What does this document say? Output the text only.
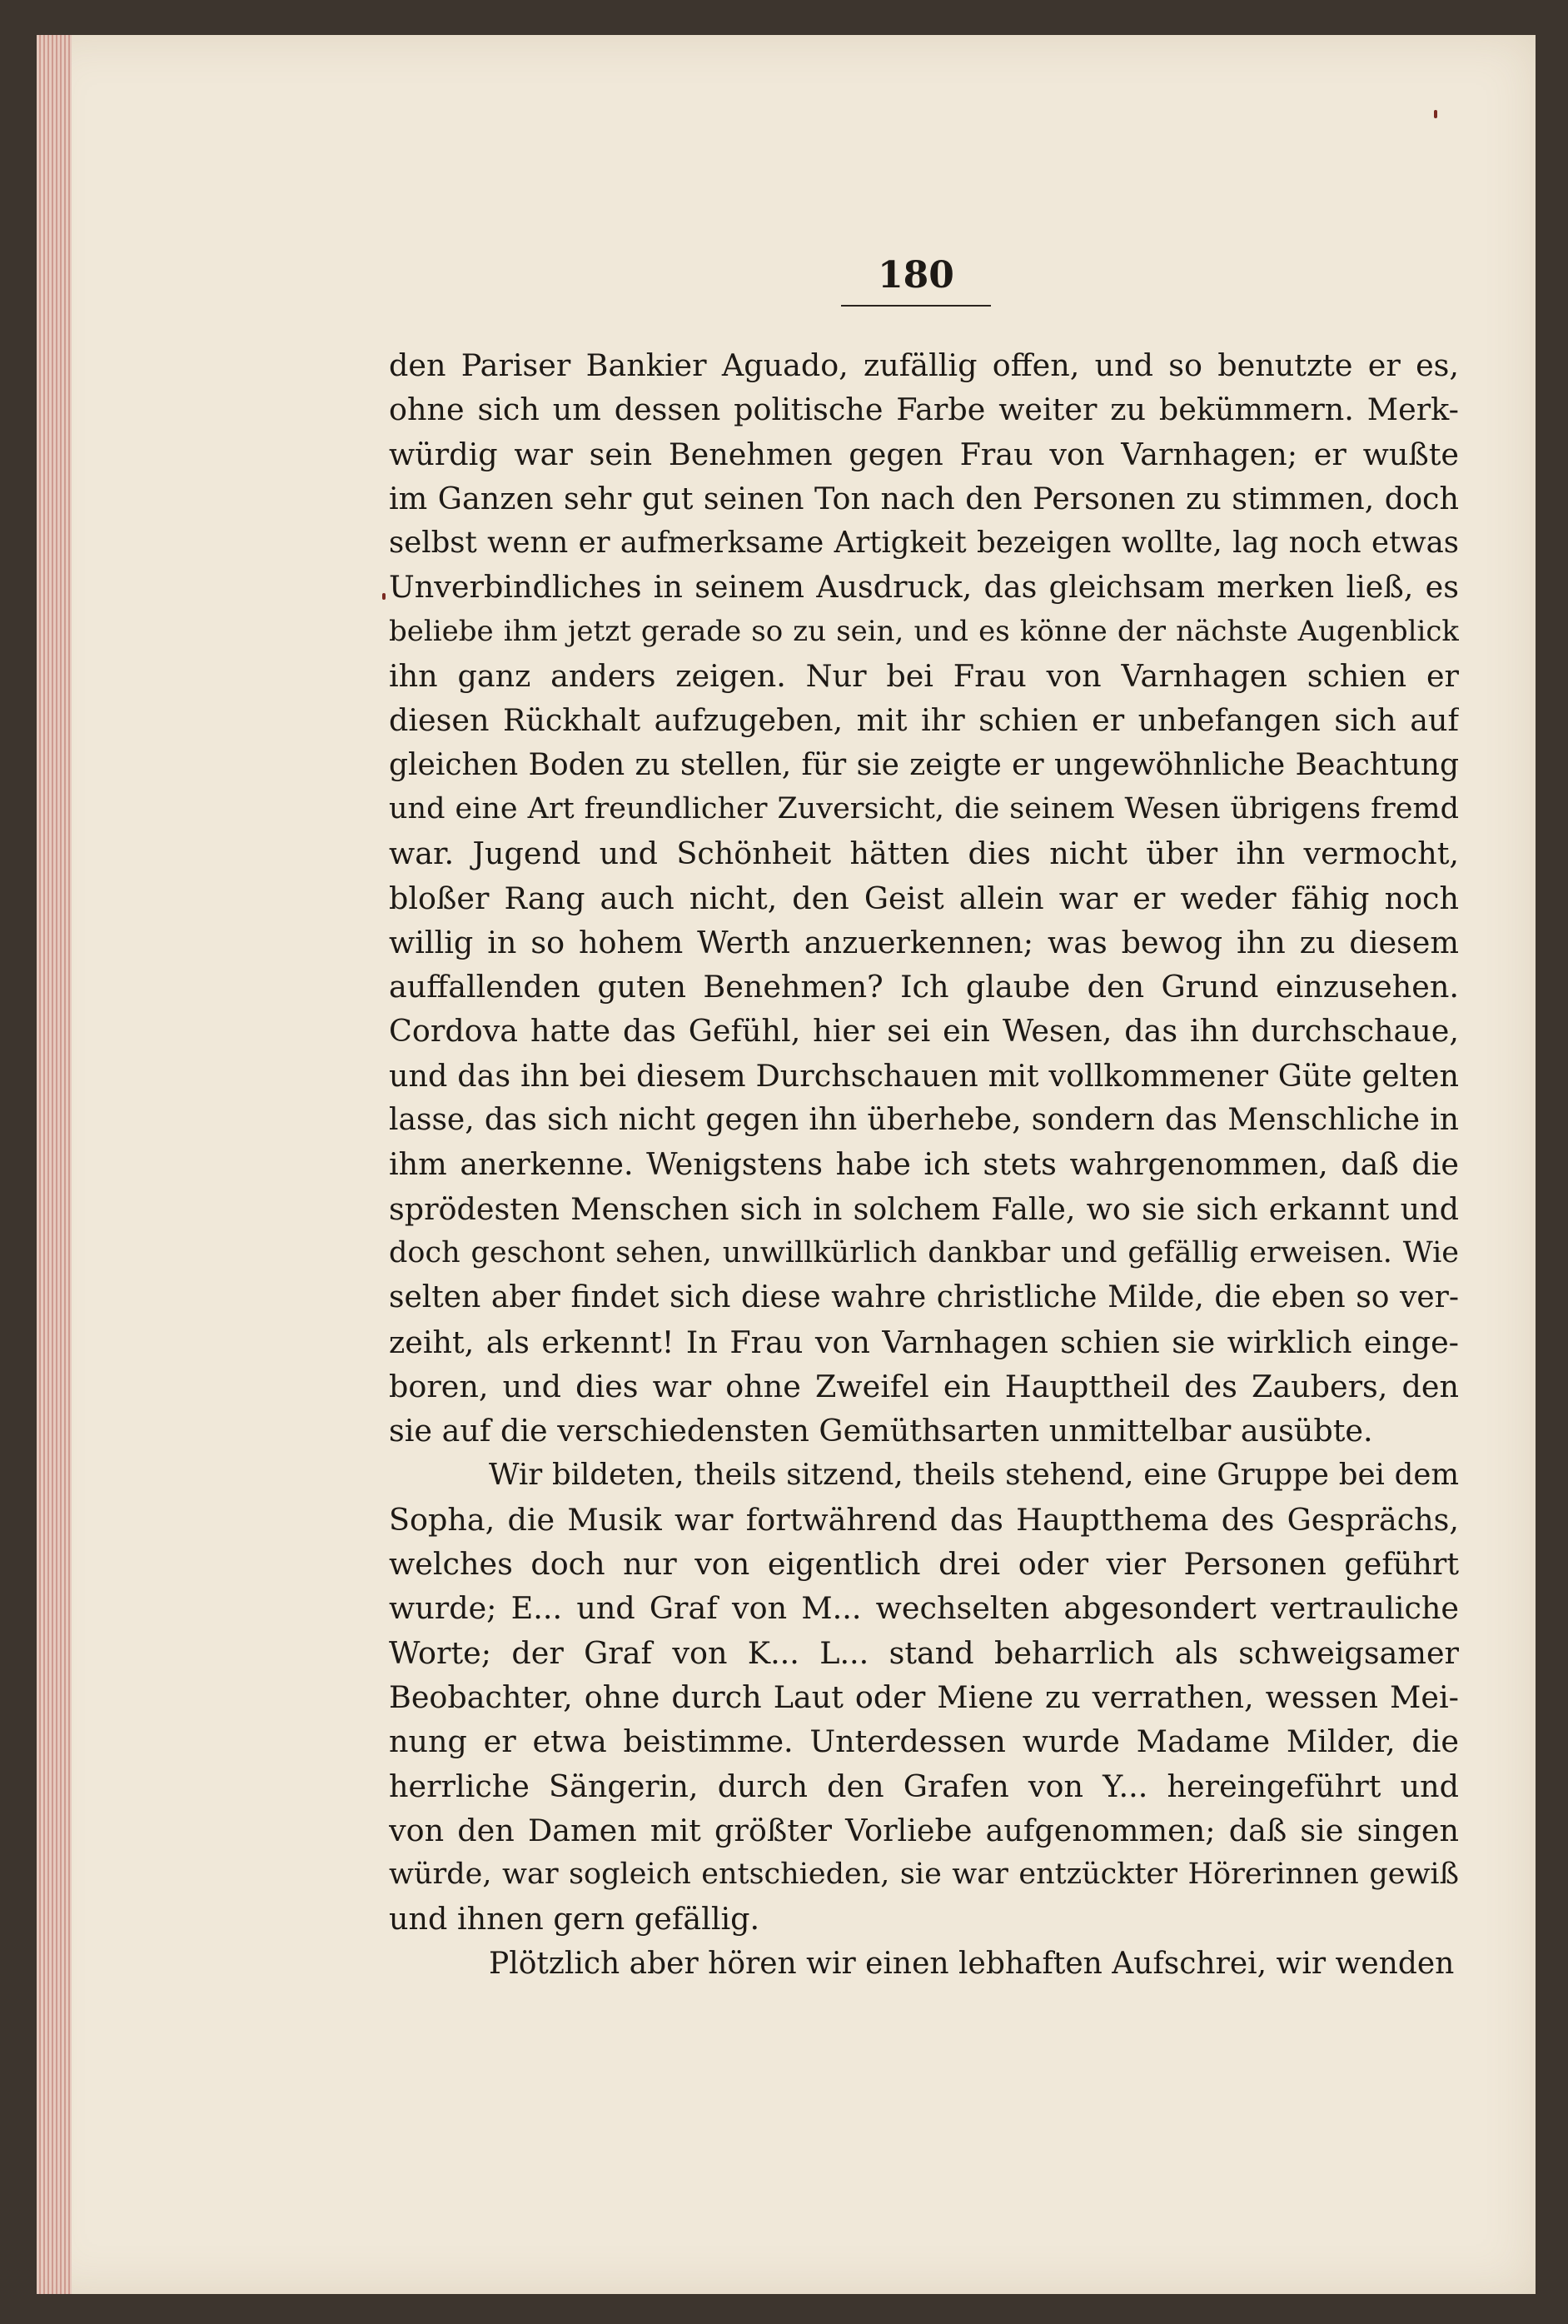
180
den Pariser Bankier Aguado, zufällig offen, und so benutzte er es,
ohne sich um dessen politische Farbe weiter zu bekümmern. Merk-
würdig war sein Benehmen gegen Frau von Varnhagen; er wußte
im Ganzen sehr gut seinen Ton nach den Personen zu stimmen, doch
selbst wenn er aufmerksame Artigkeit bezeigen wollte, lag noch etwas
Unverbindliches in seinem Ausdruck, das gleichsam merken ließ, es
beliebe ihm jetzt gerade so zu sein, und es könne der nächste Augenblick
ihn ganz anders zeigen. Nur bei Frau von Varnhagen schien er
diesen Rückhalt aufzugeben, mit ihr schien er unbefangen sich auf
gleichen Boden zu stellen, für sie zeigte er ungewöhnliche Beachtung
und eine Art freundlicher Zuversicht, die seinem Wesen übrigens fremd
war. Jugend und Schönheit hätten dies nicht über ihn vermocht,
bloßer Rang auch nicht, den Geist allein war er weder fähig noch
willig in so hohem Werth anzuerkennen; was bewog ihn zu diesem
auffallenden guten Benehmen? Ich glaube den Grund einzusehen.
Cordova hatte das Gefühl, hier sei ein Wesen, das ihn durchschaue,
und das ihn bei diesem Durchschauen mit vollkommener Güte gelten
lasse, das sich nicht gegen ihn überhebe, sondern das Menschliche in
ihm anerkenne. Wenigstens habe ich stets wahrgenommen, daß die
sprödesten Menschen sich in solchem Falle, wo sie sich erkannt und
doch geschont sehen, unwillkürlich dankbar und gefällig erweisen. Wie
selten aber findet sich diese wahre christliche Milde, die eben so ver-
zeiht, als erkennt! In Frau von Varnhagen schien sie wirklich einge-
boren, und dies war ohne Zweifel ein Haupttheil des Zaubers, den
sie auf die verschiedensten Gemüthsarten unmittelbar ausübte.
Wir bildeten, theils sitzend, theils stehend, eine Gruppe bei dem
Sopha, die Musik war fortwährend das Hauptthema des Gesprächs,
welches doch nur von eigentlich drei oder vier Personen geführt
wurde; E... und Graf von M... wechselten abgesondert vertrauliche
Worte; der Graf von K... L... stand beharrlich als schweigsamer
Beobachter, ohne durch Laut oder Miene zu verrathen, wessen Mei-
nung er etwa beistimme. Unterdessen wurde Madame Milder, die
herrliche Sängerin, durch den Grafen von Y... hereingeführt und
von den Damen mit größter Vorliebe aufgenommen; daß sie singen
würde, war sogleich entschieden, sie war entzückter Hörerinnen gewiß
und ihnen gern gefällig.
Plötzlich aber hören wir einen lebhaften Aufschrei, wir wenden
